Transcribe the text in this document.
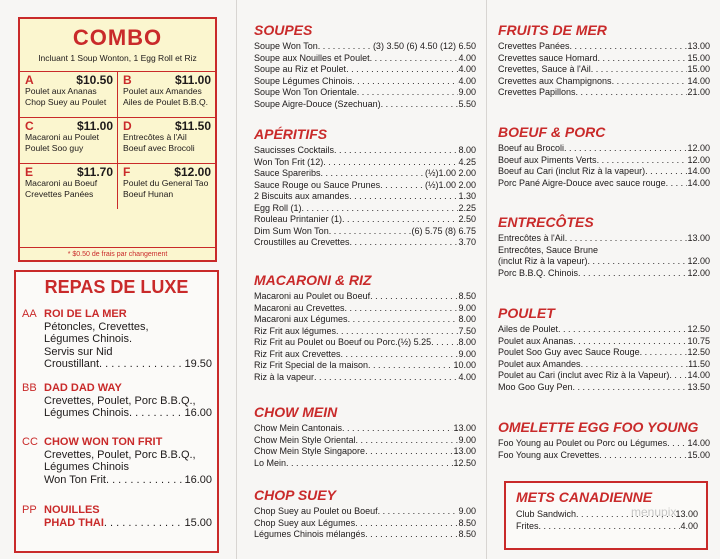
COMBO
Incluant 1 Soup Wonton, 1 Egg Roll et Riz
A	$10.50
Poulet aux Ananas
Chop Suey au Poulet
B	$11.00
Poulet aux Amandes
Ailes de Poulet B.B.Q.
C	$11.00
Macaroni au Poulet
Poulet Soo guy
D	$11.50
Entrecôtes à l'Ail
Boeuf avec Brocoli
E	$11.70
Macaroni au Boeuf
Crevettes Panées
F	$12.00
Poulet du General Tao
Boeuf Hunan
* $0.50 de frais par changement
REPAS DE LUXE
AA ROI DE LA MER
Pétoncles, Crevettes,
Légumes Chinois.
Servis sur Nid
Croustillant . . .	19.50
BB DAD DAD WAY
Crevettes, Poulet, Porc B.B.Q.,
Légumes Chinois . . .	16.00
CC CHOW WON TON FRIT
Crevettes, Poulet, Porc B.B.Q.,
Légumes Chinois
Won Ton Frit . . .	16.00
PP NOUILLES
PHAD THAI . . .	15.00
SOUPES
Soupe Won Ton . . .	(3) 3.50 (6) 4.50 (12) 6.50
Soupe aux Nouilles et Poulet . . .	4.00
Soupe au Riz et Poulet . . .	4.00
Soupe Légumes Chinois . . .	4.00
Soupe Won Ton Orientale . . .	9.00
Soupe Aigre-Douce (Szechuan) . . .	5.50
APÉRITIFS
Saucisses Cocktails . . .	8.00
Won Ton Frit (12) . . .	4.25
Sauce Spareribs . . .	(½)1.00 2.00
Sauce Rouge ou Sauce Prunes . . .	(½)1.00 2.00
2 Biscuits aux amandes . . .	1.30
Egg Roll (1) . . .	2.25
Rouleau Printanier (1) . . .	2.50
Dim Sum Won Ton . . .	(6) 5.75 (8) 6.75
Croustilles au Crevettes . . .	3.70
MACARONI & RIZ
Macaroni au Poulet ou Boeuf . . .	8.50
Macaroni au Crevettes . . .	9.00
Macaroni aux Légumes . . .	8.00
Riz Frit aux légumes . . .	7.50
Riz Frit au Poulet ou Boeuf ou Porc.(½) 5.25 . . .	8.00
Riz Frit aux Crevettes . . .	9.00
Riz Frit Special de la maison . . .	10.00
Riz à la vapeur . . .	4.00
CHOW MEIN
Chow Mein Cantonais . . .	13.00
Chow Mein Style Oriental . . .	9.00
Chow Mein Style Singapore . . .	13.00
Lo Mein . . .	12.50
CHOP SUEY
Chop Suey au Poulet ou Boeuf . . .	9.00
Chop Suey aux Légumes . . .	8.50
Légumes Chinois mélangés . . .	8.50
METS CANADIENNE
Club Sandwich . . .	13.00
Frites . . .	4.00
menupix
FRUITS DE MER
Crevettes Panées . . .	13.00
Crevettes sauce Homard . . .	15.00
Crevettes, Sauce à l'Ail . . .	15.00
Crevettes aux Champignons . . .	14.00
Crevettes Papillons . . .	21.00
BOEUF & PORC
Boeuf au Brocoli . . .	12.00
Boeuf aux Piments Verts . . .	12.00
Boeuf au Cari (inclut Riz à la vapeur) . . .	14.00
Porc Pané Aigre-Douce avec sauce rouge . . . 14.00
ENTRECÔTES
Entrecôtes à l'Ail . . .	13.00
Entrecôtes, Sauce Brune
(inclut Riz à la vapeur) . . .	12.00
Porc B.B.Q. Chinois . . .	12.00
POULET
Ailes de Poulet . . .	12.50
Poulet aux Ananas . . .	10.75
Poulet Soo Guy avec Sauce Rouge . . .	12.50
Poulet aux Amandes . . .	11.50
Poulet au Cari (inclut avec Riz à la Vapeur) . . . 14.00
Moo Goo Guy Pen . . .	13.50
OMELETTE EGG FOO YOUNG
Foo Young au Poulet ou Porc ou Légumes . . . 14.00
Foo Young aux Crevettes . . .	15.00
